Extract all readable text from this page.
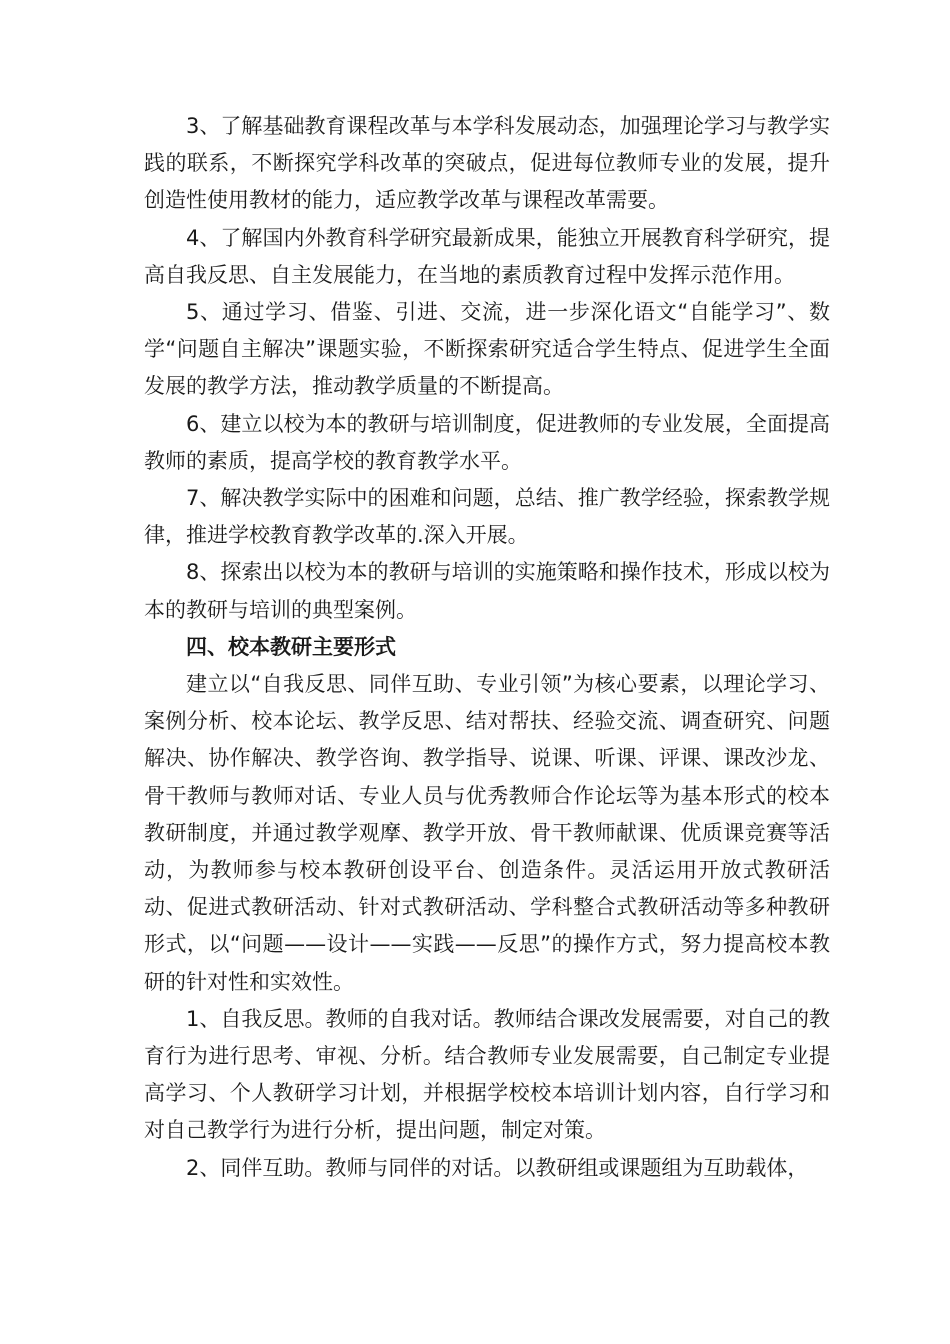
3、了解基础教育课程改革与本学科发展动态，加强理论学习与教学实践的联系，不断探究学科改革的突破点，促进每位教师专业的发展，提升创造性使用教材的能力，适应教学改革与课程改革需要。

4、了解国内外教育科学研究最新成果，能独立开展教育科学研究，提高自我反思、自主发展能力，在当地的素质教育过程中发挥示范作用。

5、通过学习、借鉴、引进、交流，进一步深化语文“自能学习”、数学“问题自主解决”课题实验，不断探索研究适合学生特点、促进学生全面发展的教学方法，推动教学质量的不断提高。

6、建立以校为本的教研与培训制度，促进教师的专业发展，全面提高教师的素质，提高学校的教育教学水平。

7、解决教学实际中的困难和问题，总结、推广教学经验，探索教学规律，推进学校教育教学改革的.深入开展。

8、探索出以校为本的教研与培训的实施策略和操作技术，形成以校为本的教研与培训的典型案例。

四、校本教研主要形式

建立以“自我反思、同伴互助、专业引领”为核心要素，以理论学习、案例分析、校本论坛、教学反思、结对帮扶、经验交流、调查研究、问题解决、协作解决、教学咨询、教学指导、说课、听课、评课、课改沙龙、骨干教师与教师对话、专业人员与优秀教师合作论坛等为基本形式的校本教研制度，并通过教学观摩、教学开放、骨干教师献课、优质课竞赛等活动，为教师参与校本教研创设平台、创造条件。灵活运用开放式教研活动、促进式教研活动、针对式教研活动、学科整合式教研活动等多种教研形式，以“问题——设计——实践——反思”的操作方式，努力提高校本教研的针对性和实效性。

1、自我反思。教师的自我对话。教师结合课改发展需要，对自己的教育行为进行思考、审视、分析。结合教师专业发展需要，自己制定专业提高学习、个人教研学习计划，并根据学校校本培训计划内容，自行学习和对自己教学行为进行分析，提出问题，制定对策。

2、同伴互助。教师与同伴的对话。以教研组或课题组为互助载体，
